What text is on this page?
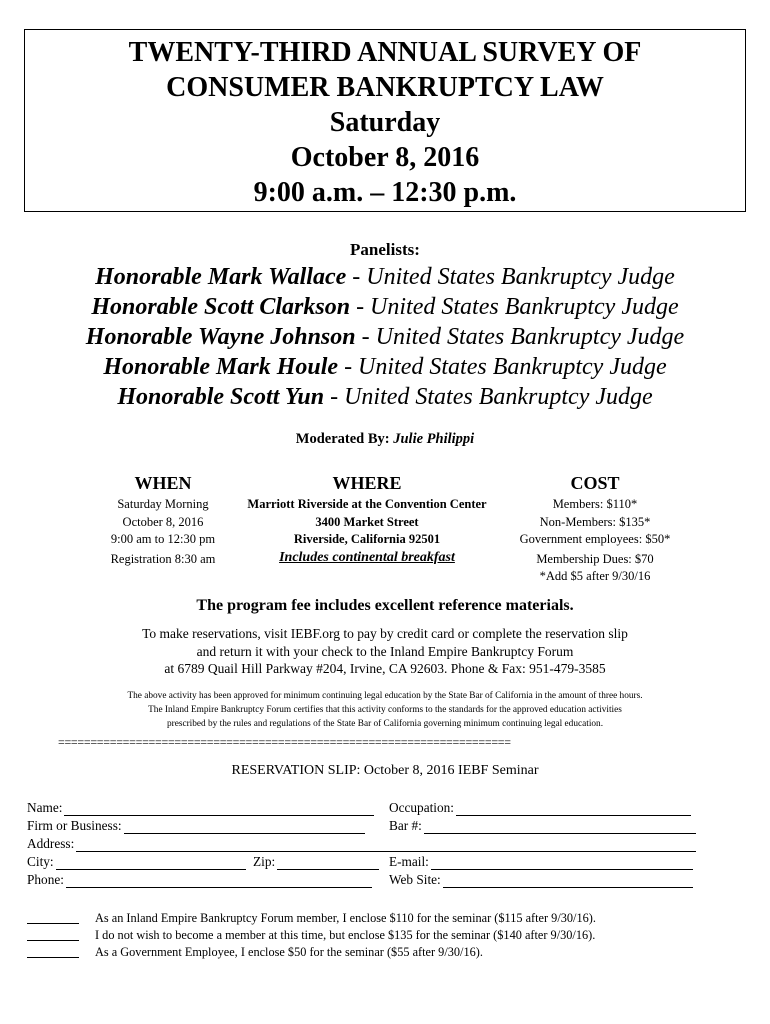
TWENTY-THIRD ANNUAL SURVEY OF
CONSUMER BANKRUPTCY LAW
Saturday
October 8, 2016
9:00 a.m. – 12:30 p.m.
Panelists:
Honorable Mark Wallace - United States Bankruptcy Judge
Honorable Scott Clarkson - United States Bankruptcy Judge
Honorable Wayne Johnson - United States Bankruptcy Judge
Honorable Mark Houle - United States Bankruptcy Judge
Honorable Scott Yun - United States Bankruptcy Judge
Moderated By: Julie Philippi
WHEN
Saturday Morning
October 8, 2016
9:00 am to 12:30 pm
Registration 8:30 am
WHERE
Marriott Riverside at the Convention Center
3400 Market Street
Riverside, California 92501
Includes continental breakfast
COST
Members: $110*
Non-Members: $135*
Government employees: $50*
Membership Dues: $70
*Add $5 after 9/30/16
The program fee includes excellent reference materials.
To make reservations, visit IEBF.org to pay by credit card or complete the reservation slip
and return it with your check to the Inland Empire Bankruptcy Forum
at 6789 Quail Hill Parkway #204, Irvine, CA 92603. Phone & Fax: 951-479-3585
The above activity has been approved for minimum continuing legal education by the State Bar of California in the amount of three hours.
The Inland Empire Bankruptcy Forum certifies that this activity conforms to the standards for the approved education activities
prescribed by the rules and regulations of the State Bar of California governing minimum continuing legal education.
======================================================================
RESERVATION SLIP: October 8, 2016 IEBF Seminar
Name:	Occupation:
Firm or Business:	Bar #:
Address:
City:	Zip:	E-mail:
Phone:	Web Site:
As an Inland Empire Bankruptcy Forum member, I enclose $110 for the seminar ($115 after 9/30/16).
I do not wish to become a member at this time, but enclose $135 for the seminar ($140 after 9/30/16).
As a Government Employee, I enclose $50 for the seminar ($55 after 9/30/16).
